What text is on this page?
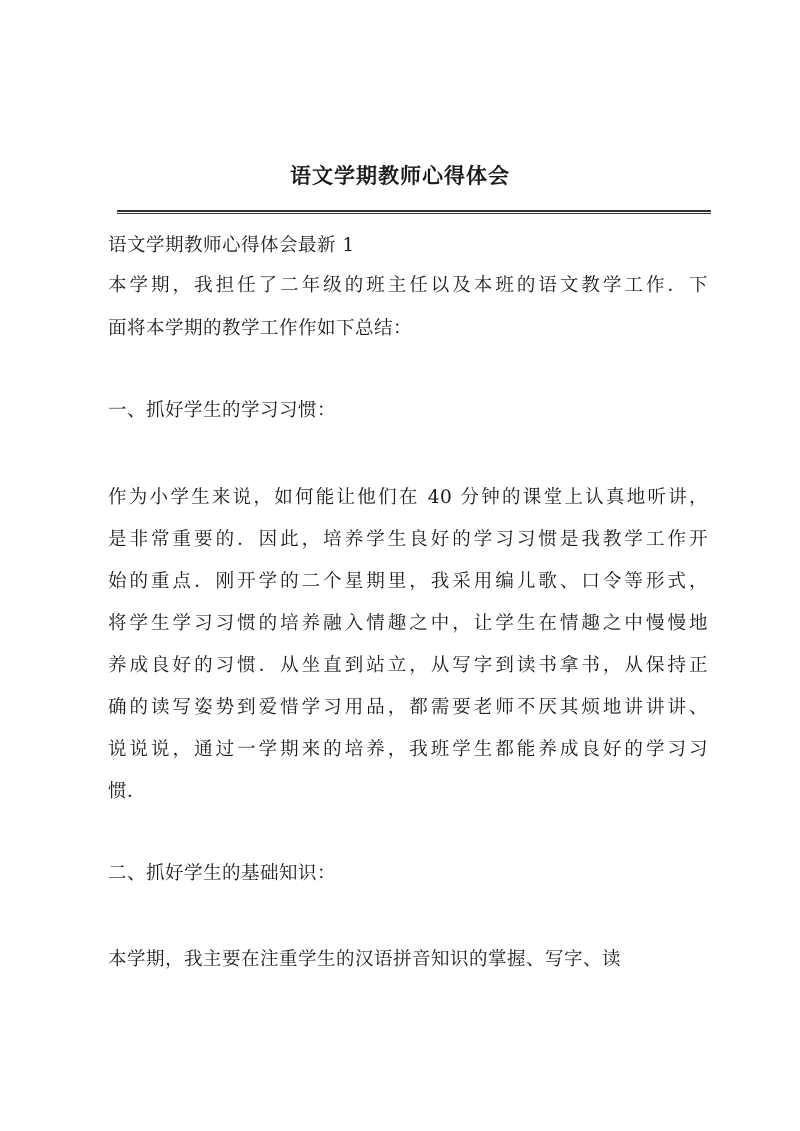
语文学期教师心得体会

语文学期教师心得体会最新 1

本学期，我担任了二年级的班主任以及本班的语文教学工作．下

面将本学期的教学工作作如下总结：

一、抓好学生的学习习惯：

作为小学生来说，如何能让他们在 40 分钟的课堂上认真地听讲，

是非常重要的．因此，培养学生良好的学习习惯是我教学工作开

始的重点．刚开学的二个星期里，我采用编儿歌、口令等形式，

将学生学习习惯的培养融入情趣之中，让学生在情趣之中慢慢地

养成良好的习惯．从坐直到站立，从写字到读书拿书，从保持正

确的读写姿势到爱惜学习用品，都需要老师不厌其烦地讲讲讲、

说说说，通过一学期来的培养，我班学生都能养成良好的学习习

惯．

二、抓好学生的基础知识：

本学期，我主要在注重学生的汉语拼音知识的掌握、写字、读
